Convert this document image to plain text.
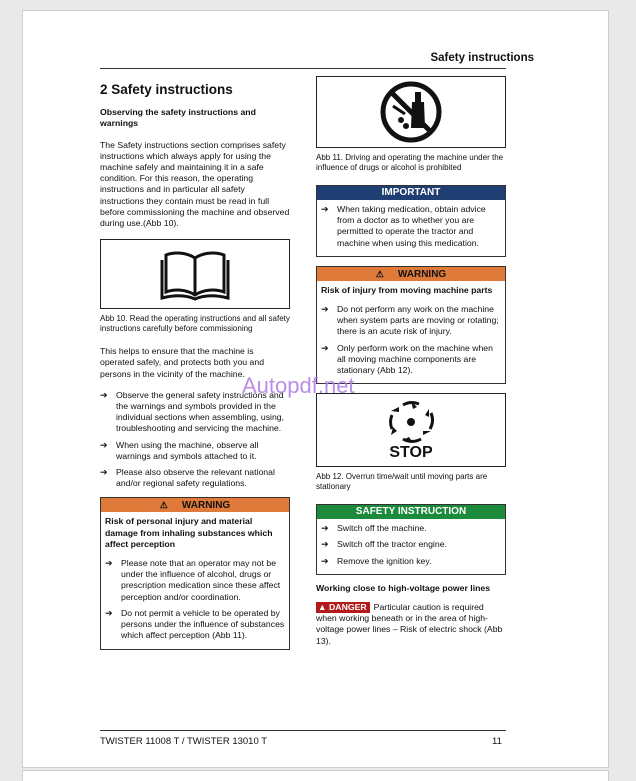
Safety instructions
2 Safety instructions
Observing the safety instructions and warnings

The Safety instructions section comprises safety instructions which always apply for using the machine safely and maintaining it in a safe condition. For this reason, the operating instructions and in particular all safety instructions they contain must be read in full before commissioning the machine and observed during use.(Abb 10).

Abb 10. Read the operating instructions and all safety instructions carefully before commissioning

This helps to ensure that the machine is operated safely, and protects both you and persons in the vicinity of the machine.

➔ Observe the general safety instructions and the warnings and symbols provided in the individual sections when assembling, using, troubleshooting and servicing the machine.
➔ When using the machine, observe all warnings and symbols attached to it.
➔ Please also observe the relevant national and/or regional safety regulations.
⚠ WARNING
Risk of personal injury and material damage from inhaling substances which affect perception
➔ Please note that an operator may not be under the influence of alcohol, drugs or prescription medication since these affect perception and/or coordination.
➔ Do not permit a vehicle to be operated by persons under the influence of substances which affect perception (Abb 11).
Abb 11. Driving and operating the machine under the influence of drugs or alcohol is prohibited
IMPORTANT
➔ When taking medication, obtain advice from a doctor as to whether you are permitted to operate the tractor and machine when using this medication.
⚠ WARNING
Risk of injury from moving machine parts
➔ Do not perform any work on the machine when system parts are moving or rotating; there is an acute risk of injury.
➔ Only perform work on the machine when all moving machine components are stationary (Abb 12).
STOP
Abb 12. Overrun time/wait until moving parts are stationary
SAFETY INSTRUCTION
➔ Switch off the machine.
➔ Switch off the tractor engine.
➔ Remove the ignition key.
Working close to high-voltage power lines
▲ DANGER Particular caution is required when working beneath or in the area of high-voltage power lines – Risk of electric shock (Abb 13).
Autopdf.net
TWISTER 11008 T / TWISTER 13010 T	11
